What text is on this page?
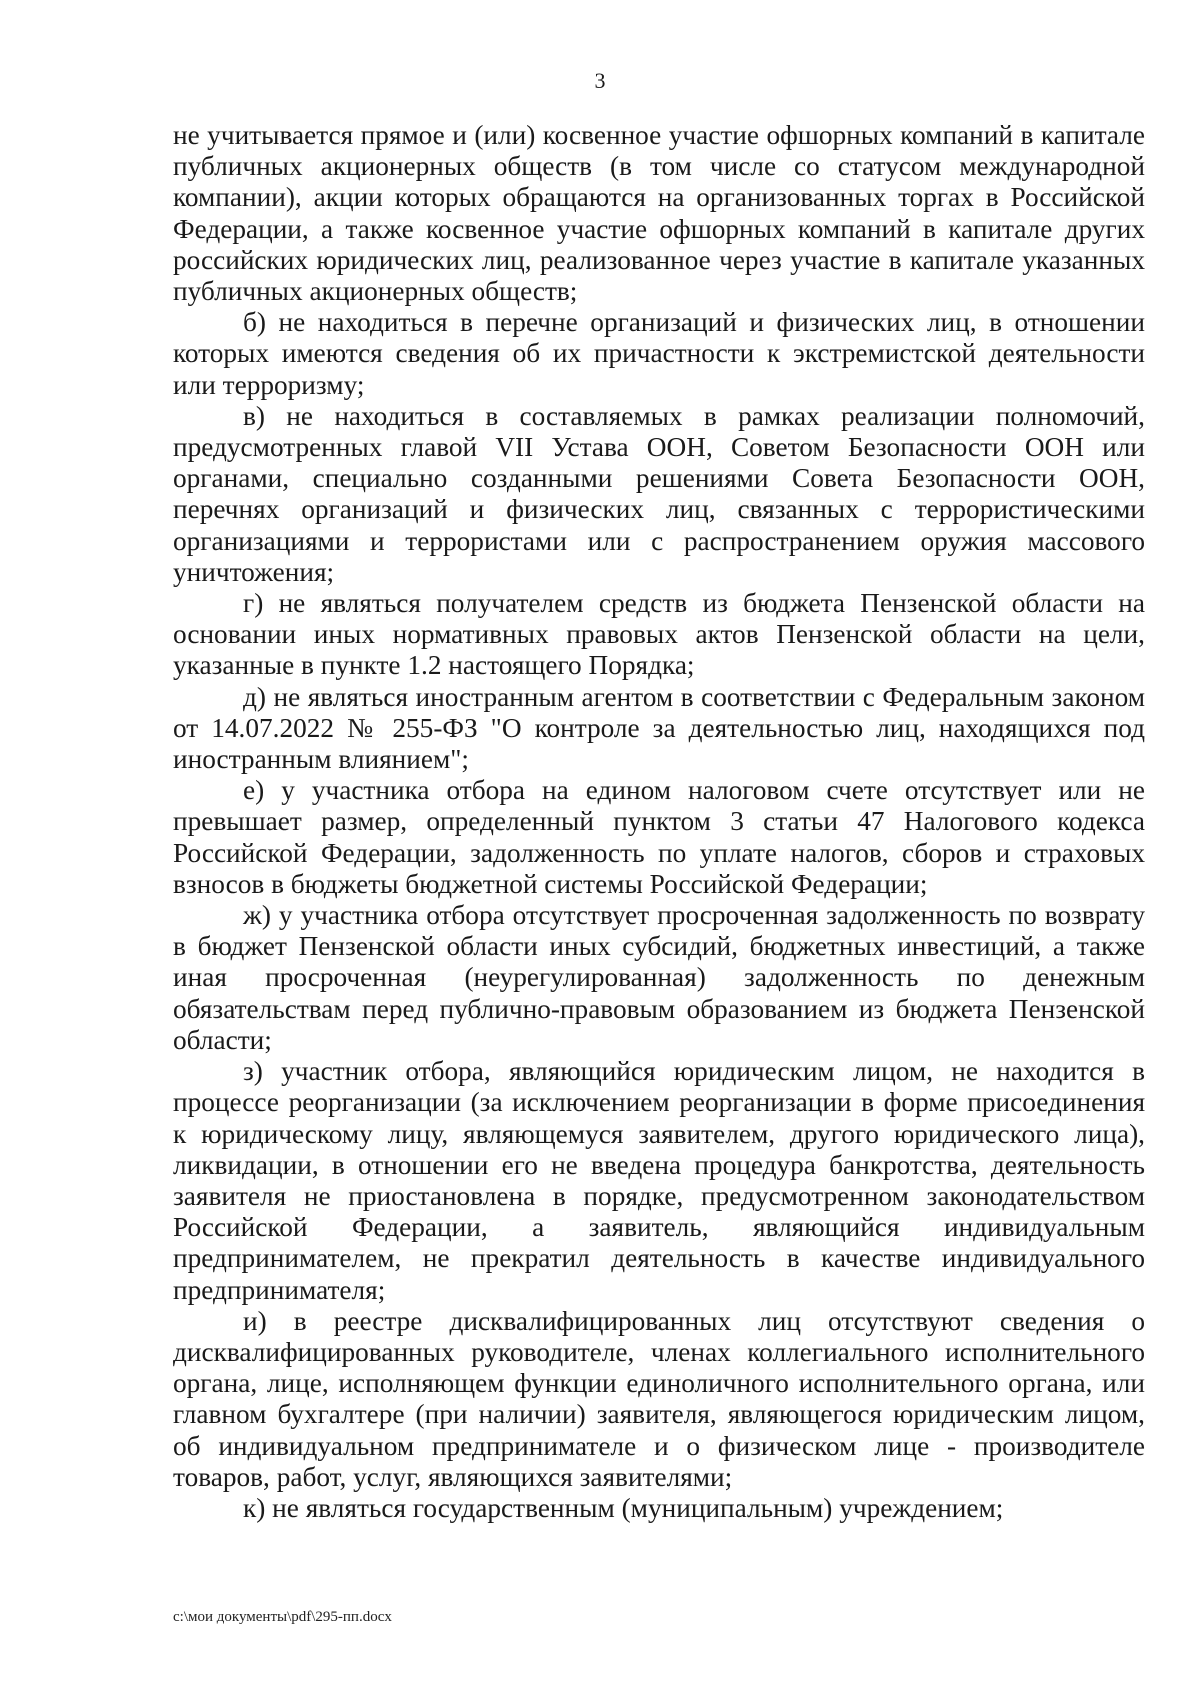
3

не учитывается прямое и (или) косвенное участие офшорных компаний в капитале публичных акционерных обществ (в том числе со статусом международной компании), акции которых обращаются на организованных торгах в Российской Федерации, а также косвенное участие офшорных компаний в капитале других российских юридических лиц, реализованное через участие в капитале указанных публичных акционерных обществ;

б) не находиться в перечне организаций и физических лиц, в отношении которых имеются сведения об их причастности к экстремистской деятельности или терроризму;

в) не находиться в составляемых в рамках реализации полномочий, предусмотренных главой VII Устава ООН, Советом Безопасности ООН или органами, специально созданными решениями Совета Безопасности ООН, перечнях организаций и физических лиц, связанных с террористическими организациями и террористами или с распространением оружия массового уничтожения;

г) не являться получателем средств из бюджета Пензенской области на основании иных нормативных правовых актов Пензенской области на цели, указанные в пункте 1.2 настоящего Порядка;

д) не являться иностранным агентом в соответствии с Федеральным законом от 14.07.2022 № 255-ФЗ "О контроле за деятельностью лиц, находящихся под иностранным влиянием";

е) у участника отбора на едином налоговом счете отсутствует или не превышает размер, определенный пунктом 3 статьи 47 Налогового кодекса Российской Федерации, задолженность по уплате налогов, сборов и страховых взносов в бюджеты бюджетной системы Российской Федерации;

ж) у участника отбора отсутствует просроченная задолженность по возврату в бюджет Пензенской области иных субсидий, бюджетных инвестиций, а также иная просроченная (неурегулированная) задолженность по денежным обязательствам перед публично-правовым образованием из бюджета Пензенской области;

з) участник отбора, являющийся юридическим лицом, не находится в процессе реорганизации (за исключением реорганизации в форме присоединения к юридическому лицу, являющемуся заявителем, другого юридического лица), ликвидации, в отношении его не введена процедура банкротства, деятельность заявителя не приостановлена в порядке, предусмотренном законодательством Российской Федерации, а заявитель, являющийся индивидуальным предпринимателем, не прекратил деятельность в качестве индивидуального предпринимателя;

и) в реестре дисквалифицированных лиц отсутствуют сведения о дисквалифицированных руководителе, членах коллегиального исполнительного органа, лице, исполняющем функции единоличного исполнительного органа, или главном бухгалтере (при наличии) заявителя, являющегося юридическим лицом, об индивидуальном предпринимателе и о физическом лице - производителе товаров, работ, услуг, являющихся заявителями;

к) не являться государственным (муниципальным) учреждением;

c:\мои документы\pdf\295-пп.docx
